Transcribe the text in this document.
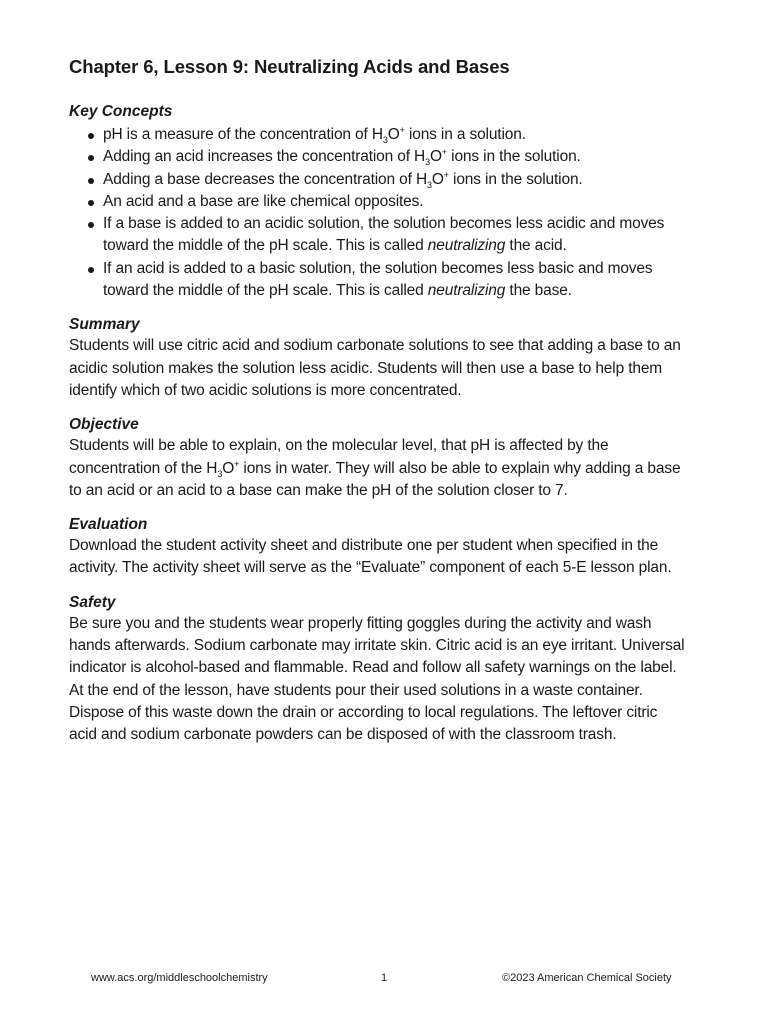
Chapter 6, Lesson 9: Neutralizing Acids and Bases

Key Concepts

pH is a measure of the concentration of $H_3O^+$ ions in a solution.
Adding an acid increases the concentration of $H_3O^+$ ions in the solution.
Adding a base decreases the concentration of $H_3O^+$ ions in the solution.
An acid and a base are like chemical opposites.
If a base is added to an acidic solution, the solution becomes less acidic and moves toward the middle of the pH scale. This is called neutralizing the acid.
If an acid is added to a basic solution, the solution becomes less basic and moves toward the middle of the pH scale. This is called neutralizing the base.

Summary

Students will use citric acid and sodium carbonate solutions to see that adding a base to an acidic solution makes the solution less acidic. Students will then use a base to help them identify which of two acidic solutions is more concentrated.

Objective

Students will be able to explain, on the molecular level, that pH is affected by the concentration of the $H_3O^+$ ions in water. They will also be able to explain why adding a base to an acid or an acid to a base can make the pH of the solution closer to 7.

Evaluation

Download the student activity sheet and distribute one per student when specified in the activity. The activity sheet will serve as the “Evaluate” component of each 5-E lesson plan.

Safety

Be sure you and the students wear properly fitting goggles during the activity and wash hands afterwards. Sodium carbonate may irritate skin. Citric acid is an eye irritant. Universal indicator is alcohol-based and flammable. Read and follow all safety warnings on the label. At the end of the lesson, have students pour their used solutions in a waste container. Dispose of this waste down the drain or according to local regulations. The leftover citric acid and sodium carbonate powders can be disposed of with the classroom trash.

www.acs.org/middleschoolchemistry	1	©2023 American Chemical Society
